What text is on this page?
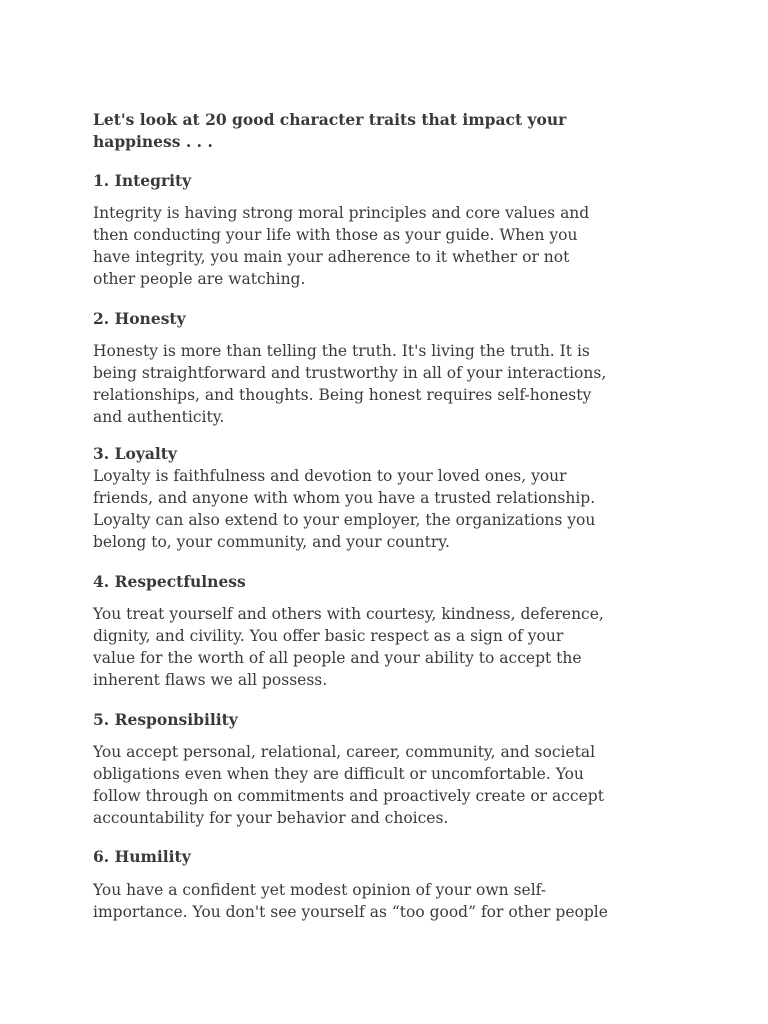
Let's look at 20 good character traits that impact your
happiness . . .
1. Integrity

Integrity is having strong moral principles and core values and
then conducting your life with those as your guide. When you
have integrity, you main your adherence to it whether or not
other people are watching.

2. Honesty

Honesty is more than telling the truth. It's living the truth. It is
being straightforward and trustworthy in all of your interactions,
relationships, and thoughts. Being honest requires self-honesty
and authenticity.

3. Loyalty

Loyalty is faithfulness and devotion to your loved ones, your
friends, and anyone with whom you have a trusted relationship.
Loyalty can also extend to your employer, the organizations you
belong to, your community, and your country.

4. Respectfulness

You treat yourself and others with courtesy, kindness, deference,
dignity, and civility. You offer basic respect as a sign of your
value for the worth of all people and your ability to accept the
inherent flaws we all possess.

5. Responsibility

You accept personal, relational, career, community, and societal
obligations even when they are difficult or uncomfortable. You
follow through on commitments and proactively create or accept
accountability for your behavior and choices.

6. Humility

You have a confident yet modest opinion of your own self-
importance. You don't see yourself as “too good” for other people
